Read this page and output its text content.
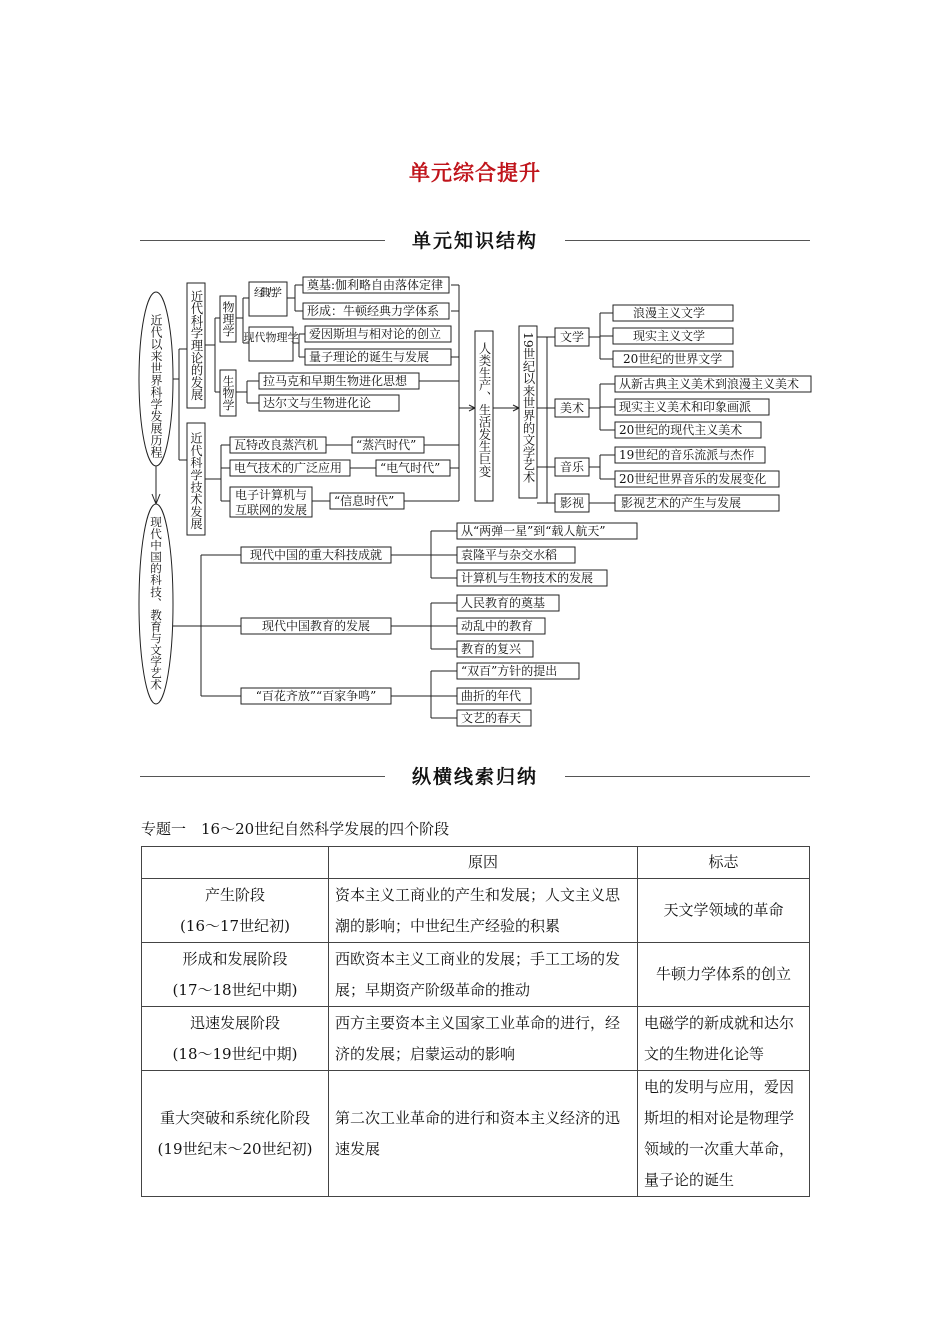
单元综合提升
单元知识结构
近代以来世界科学发展历程
现代中国的科技、教育与文学艺术
近代科学理论的发展
近代科学技术发展
物理学
生物学	人类生产、生活发生巨变 19世纪以来世界的文学艺术
经典力学
现代物理学
电子计算机与
互联网的发展
奠基:伽利略自由落体定律
形成：牛顿经典力学体系
爱因斯坦与相对论的创立
量子理论的诞生与发展
拉马克和早期生物进化思想
达尔文与生物进化论
瓦特改良蒸汽机	“蒸汽时代”
电气技术的广泛应用	“电气时代”
“信息时代”
文学
美术
音乐
影视
浪漫主义文学
现实主义文学
20世纪的世界文学
从新古典主义美术到浪漫主义美术
现实主义美术和印象画派
20世纪的现代主义美术
19世纪的音乐流派与杰作
20世纪世界音乐的发展变化
影视艺术的产生与发展
现代中国的重大科技成就
现代中国教育的发展
“百花齐放”“百家争鸣”
从“两弹一星”到“载人航天”
袁隆平与杂交水稻
计算机与生物技术的发展
人民教育的奠基
动乱中的教育
教育的复兴
“双百”方针的提出
曲折的年代
文艺的春天
纵横线索归纳
专题一　16～20世纪自然科学发展的四个阶段
	原因	标志

产生阶段
(16～17世纪初)	资本主义工商业的产生和发展；人文主义思潮的影响；中世纪生产经验的积累	天文学领域的革命

形成和发展阶段
(17～18世纪中期)	西欧资本主义工商业的发展；手工工场的发展；早期资产阶级革命的推动	牛顿力学体系的创立

迅速发展阶段
(18～19世纪中期)	西方主要资本主义国家工业革命的进行，经济的发展；启蒙运动的影响	电磁学的新成就和达尔文的生物进化论等

重大突破和系统化阶段
(19世纪末～20世纪初)	第二次工业革命的进行和资本主义经济的迅速发展	电的发明与应用，爱因斯坦的相对论是物理学领域的一次重大革命，量子论的诞生
